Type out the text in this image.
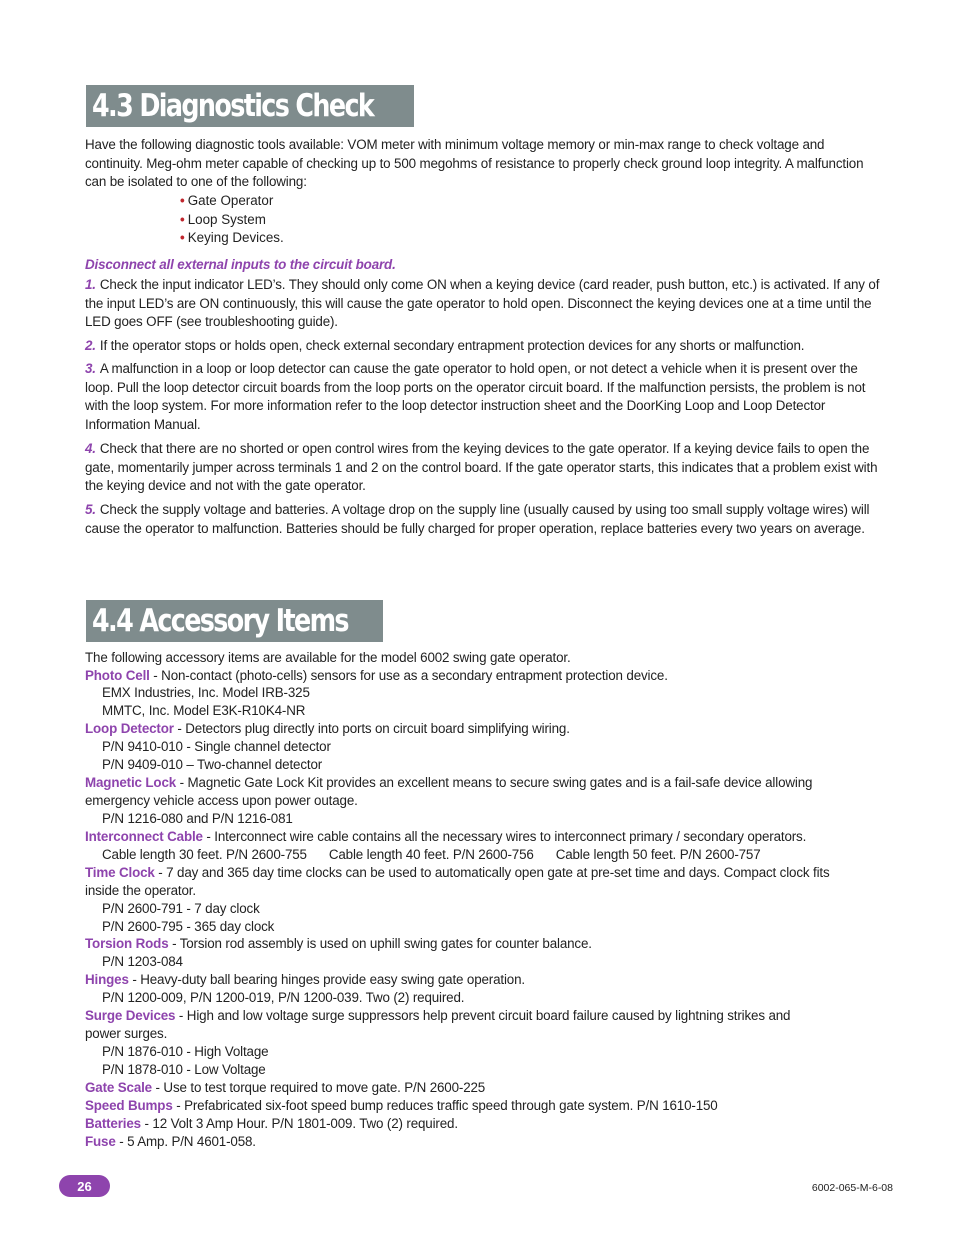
4.3 Diagnostics Check
Have the following diagnostic tools available: VOM meter with minimum voltage memory or min-max range to check voltage and continuity. Meg-ohm meter capable of checking up to 500 megohms of resistance to properly check ground loop integrity. A malfunction can be isolated to one of the following:
• Gate Operator
• Loop System
• Keying Devices.
Disconnect all external inputs to the circuit board.
1. Check the input indicator LED’s. They should only come ON when a keying device (card reader, push button, etc.) is activated. If any of the input LED’s are ON continuously, this will cause the gate operator to hold open. Disconnect the keying devices one at a time until the LED goes OFF (see troubleshooting guide).
2. If the operator stops or holds open, check external secondary entrapment protection devices for any shorts or malfunction.
3. A malfunction in a loop or loop detector can cause the gate operator to hold open, or not detect a vehicle when it is present over the loop. Pull the loop detector circuit boards from the loop ports on the operator circuit board. If the malfunction persists, the problem is not with the loop system. For more information refer to the loop detector instruction sheet and the DoorKing Loop and Loop Detector Information Manual.
4. Check that there are no shorted or open control wires from the keying devices to the gate operator. If a keying device fails to open the gate, momentarily jumper across terminals 1 and 2 on the control board. If the gate operator starts, this indicates that a problem exist with the keying device and not with the gate operator.
5. Check the supply voltage and batteries. A voltage drop on the supply line (usually caused by using too small supply voltage wires) will cause the operator to malfunction. Batteries should be fully charged for proper operation, replace batteries every two years on average.
4.4 Accessory Items
The following accessory items are available for the model 6002 swing gate operator.
Photo Cell - Non-contact (photo-cells) sensors for use as a secondary entrapment protection device.
EMX Industries, Inc. Model IRB-325
MMTC, Inc. Model E3K-R10K4-NR
Loop Detector - Detectors plug directly into ports on circuit board simplifying wiring.
P/N 9410-010 - Single channel detector
P/N 9409-010 – Two-channel detector
Magnetic Lock - Magnetic Gate Lock Kit provides an excellent means to secure swing gates and is a fail-safe device allowing
emergency vehicle access upon power outage.
P/N 1216-080 and P/N 1216-081
Interconnect Cable - Interconnect wire cable contains all the necessary wires to interconnect primary / secondary operators.
Cable length 30 feet. P/N 2600-755 Cable length 40 feet. P/N 2600-756 Cable length 50 feet. P/N 2600-757
Time Clock - 7 day and 365 day time clocks can be used to automatically open gate at pre-set time and days. Compact clock fits
inside the operator.
P/N 2600-791 - 7 day clock
P/N 2600-795 - 365 day clock
Torsion Rods - Torsion rod assembly is used on uphill swing gates for counter balance.
P/N 1203-084
Hinges - Heavy-duty ball bearing hinges provide easy swing gate operation.
P/N 1200-009, P/N 1200-019, P/N 1200-039. Two (2) required.
Surge Devices - High and low voltage surge suppressors help prevent circuit board failure caused by lightning strikes and
power surges.
P/N 1876-010 - High Voltage
P/N 1878-010 - Low Voltage
Gate Scale - Use to test torque required to move gate. P/N 2600-225
Speed Bumps - Prefabricated six-foot speed bump reduces traffic speed through gate system. P/N 1610-150
Batteries - 12 Volt 3 Amp Hour. P/N 1801-009. Two (2) required.
Fuse - 5 Amp. P/N 4601-058.
26	6002-065-M-6-08
